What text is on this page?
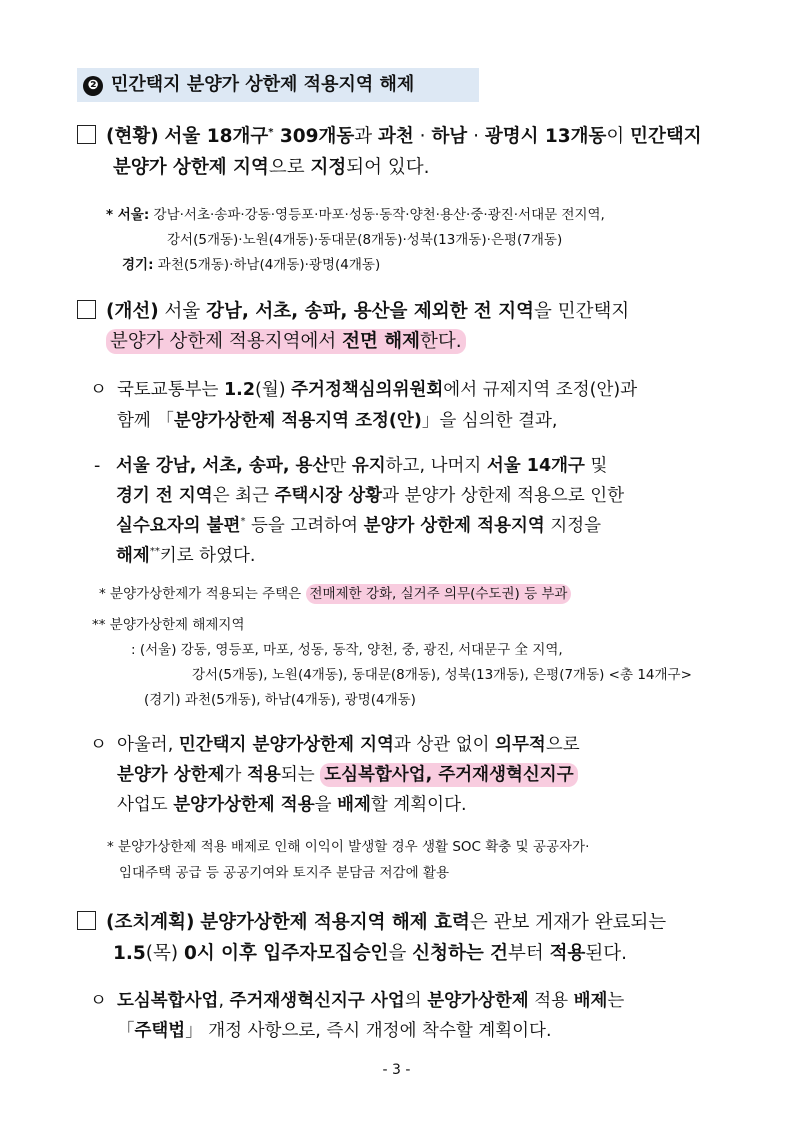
❷ 민간택지 분양가 상한제 적용지역 해제
(현황) 서울 18개구* 309개동과 과천 · 하남 · 광명시 13개동이 민간택지
분양가 상한제 지역으로 지정되어 있다.
* 서울: 강남·서초·송파·강동·영등포·마포·성동·동작·양천·용산·중·광진·서대문 전지역,
강서(5개동)·노원(4개동)·동대문(8개동)·성북(13개동)·은평(7개동)
경기: 과천(5개동)·하남(4개동)·광명(4개동)
(개선) 서울 강남, 서초, 송파, 용산을 제외한 전 지역을 민간택지
분양가 상한제 적용지역에서 전면 해제한다.
ㅇ 국토교통부는 1.2(월) 주거정책심의위원회에서 규제지역 조정(안)과
함께 「분양가상한제 적용지역 조정(안)」을 심의한 결과,
- 서울 강남, 서초, 송파, 용산만 유지하고, 나머지 서울 14개구 및
경기 전 지역은 최근 주택시장 상황과 분양가 상한제 적용으로 인한
실수요자의 불편* 등을 고려하여 분양가 상한제 적용지역 지정을
해제**키로 하였다.
* 분양가상한제가 적용되는 주택은 전매제한 강화, 실거주 의무(수도권) 등 부과
** 분양가상한제 해제지역
: (서울) 강동, 영등포, 마포, 성동, 동작, 양천, 중, 광진, 서대문구 全 지역,
강서(5개동), 노원(4개동), 동대문(8개동), 성북(13개동), 은평(7개동) <총 14개구>
(경기) 과천(5개동), 하남(4개동), 광명(4개동)
ㅇ 아울러, 민간택지 분양가상한제 지역과 상관 없이 의무적으로
분양가 상한제가 적용되는 도심복합사업, 주거재생혁신지구
사업도 분양가상한제 적용을 배제할 계획이다.
* 분양가상한제 적용 배제로 인해 이익이 발생할 경우 생활 SOC 확충 및 공공자가·
임대주택 공급 등 공공기여와 토지주 분담금 저감에 활용
(조치계획) 분양가상한제 적용지역 해제 효력은 관보 게재가 완료되는
1.5(목) 0시 이후 입주자모집승인을 신청하는 건부터 적용된다.
ㅇ 도심복합사업, 주거재생혁신지구 사업의 분양가상한제 적용 배제는
「주택법」 개정 사항으로, 즉시 개정에 착수할 계획이다.
- 3 -
